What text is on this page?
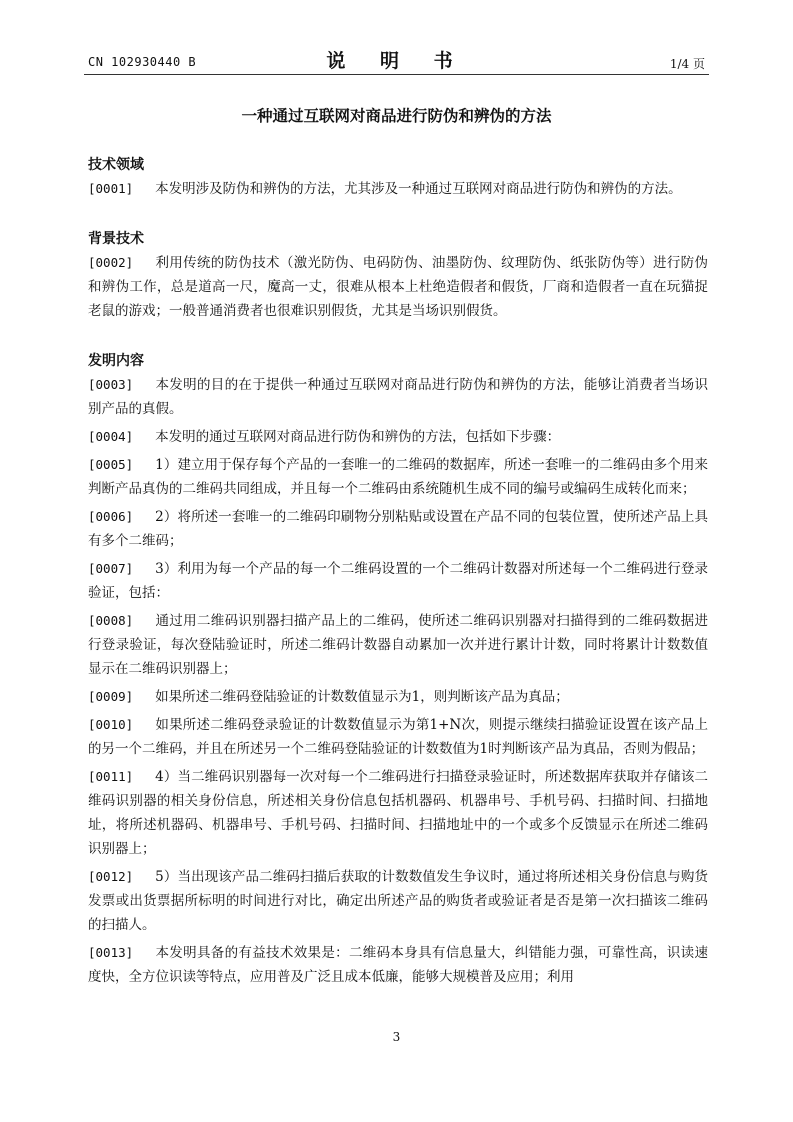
CN 102930440 B	说 明 书	1/4 页
一种通过互联网对商品进行防伪和辨伪的方法
技术领域

[0001] 本发明涉及防伪和辨伪的方法，尤其涉及一种通过互联网对商品进行防伪和辨伪的方法。

背景技术

[0002] 利用传统的防伪技术（激光防伪、电码防伪、油墨防伪、纹理防伪、纸张防伪等）进行防伪和辨伪工作，总是道高一尺，魔高一丈，很难从根本上杜绝造假者和假货，厂商和造假者一直在玩猫捉老鼠的游戏；一般普通消费者也很难识别假货，尤其是当场识别假货。

发明内容

[0003] 本发明的目的在于提供一种通过互联网对商品进行防伪和辨伪的方法，能够让消费者当场识别产品的真假。

[0004] 本发明的通过互联网对商品进行防伪和辨伪的方法，包括如下步骤：

[0005] 1）建立用于保存每个产品的一套唯一的二维码的数据库，所述一套唯一的二维码由多个用来判断产品真伪的二维码共同组成，并且每一个二维码由系统随机生成不同的编号或编码生成转化而来；

[0006] 2）将所述一套唯一的二维码印刷物分别粘贴或设置在产品不同的包装位置，使所述产品上具有多个二维码；

[0007] 3）利用为每一个产品的每一个二维码设置的一个二维码计数器对所述每一个二维码进行登录验证，包括：

[0008] 通过用二维码识别器扫描产品上的二维码，使所述二维码识别器对扫描得到的二维码数据进行登录验证，每次登陆验证时，所述二维码计数器自动累加一次并进行累计计数，同时将累计计数数值显示在二维码识别器上；

[0009] 如果所述二维码登陆验证的计数数值显示为1，则判断该产品为真品；

[0010] 如果所述二维码登录验证的计数数值显示为第1+N次，则提示继续扫描验证设置在该产品上的另一个二维码，并且在所述另一个二维码登陆验证的计数数值为1时判断该产品为真品，否则为假品；

[0011] 4）当二维码识别器每一次对每一个二维码进行扫描登录验证时，所述数据库获取并存储该二维码识别器的相关身份信息，所述相关身份信息包括机器码、机器串号、手机号码、扫描时间、扫描地址，将所述机器码、机器串号、手机号码、扫描时间、扫描地址中的一个或多个反馈显示在所述二维码识别器上；

[0012] 5）当出现该产品二维码扫描后获取的计数数值发生争议时，通过将所述相关身份信息与购货发票或出货票据所标明的时间进行对比，确定出所述产品的购货者或验证者是否是第一次扫描该二维码的扫描人。

[0013] 本发明具备的有益技术效果是：二维码本身具有信息量大，纠错能力强，可靠性高，识读速度快，全方位识读等特点，应用普及广泛且成本低廉，能够大规模普及应用；利用

3
